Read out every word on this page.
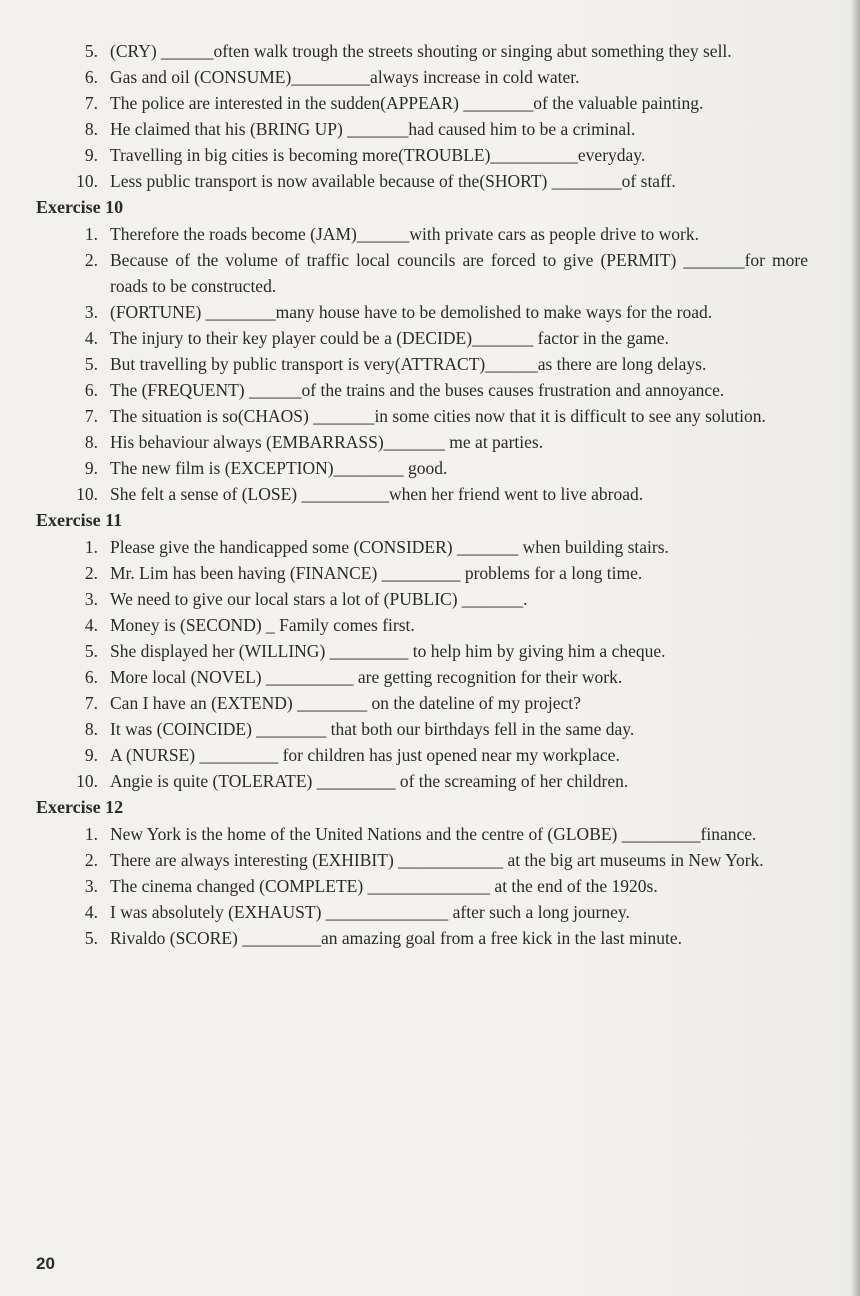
5. (CRY) ______often walk trough the streets shouting or singing abut something they sell.
6. Gas and oil (CONSUME)_________always increase in cold water.
7. The police are interested in the sudden(APPEAR) ________of the valuable painting.
8. He claimed that his (BRING UP) _______had caused him to be a criminal.
9. Travelling in big cities is becoming more(TROUBLE)__________everyday.
10. Less public transport is now available because of the(SHORT) ________of staff.
Exercise 10
1. Therefore the roads become (JAM)______with private cars as people drive to work.
2. Because of the volume of traffic local councils are forced to give (PERMIT) _______for more roads to be constructed.
3. (FORTUNE) ________many house have to be demolished to make ways for the road.
4. The injury to their key player could be a (DECIDE)_______ factor in the game.
5. But travelling by public transport is very(ATTRACT)______as there are long delays.
6. The (FREQUENT) ______of the trains and the buses causes frustration and annoyance.
7. The situation is so(CHAOS) _______in some cities now that it is difficult to see any solution.
8. His behaviour always (EMBARRASS)_______ me at parties.
9. The new film is (EXCEPTION)________ good.
10. She felt a sense of (LOSE) __________when her friend went to live abroad.
Exercise 11
1. Please give the handicapped some (CONSIDER) _______ when building stairs.
2. Mr. Lim has been having (FINANCE) _________ problems for a long time.
3. We need to give our local stars a lot of (PUBLIC) _______.
4. Money is (SECOND) _ Family comes first.
5. She displayed her (WILLING) _________ to help him by giving him a cheque.
6. More local (NOVEL) __________ are getting recognition for their work.
7. Can I have an (EXTEND) ________ on the dateline of my project?
8. It was (COINCIDE) ________ that both our birthdays fell in the same day.
9. A (NURSE) _________ for children has just opened near my workplace.
10. Angie is quite (TOLERATE) _________ of the screaming of her children.
Exercise 12
1. New York is the home of the United Nations and the centre of (GLOBE) _________finance.
2. There are always interesting (EXHIBIT) ____________ at the big art museums in New York.
3. The cinema changed (COMPLETE) ______________ at the end of the 1920s.
4. I was absolutely (EXHAUST) ______________ after such a long journey.
5. Rivaldo (SCORE) _________an amazing goal from a free kick in the last minute.
20
